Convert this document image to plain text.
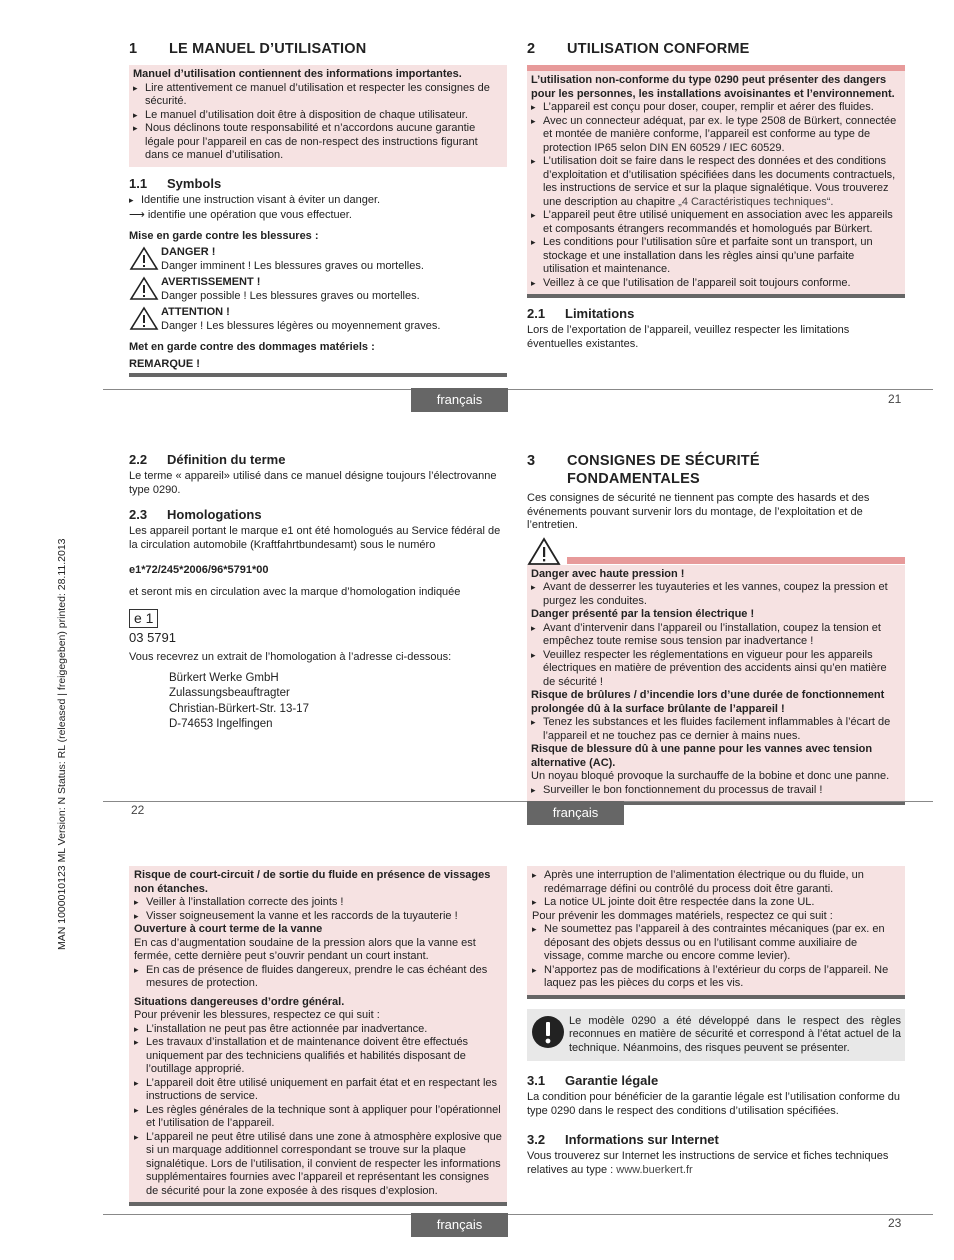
MAN 1000010123 ML Version: N Status: RL (released | freigegeben) printed: 28.11.2013
1 LE MANUEL D’UTILISATION

Manuel d’utilisation contiennent des informations importantes.

▸ Lire attentivement ce manuel d’utilisation et respecter les consignes de sécurité.
▸ Le manuel d’utilisation doit être à disposition de chaque utilisateur.
▸ Nous déclinons toute responsabilité et n’accordons aucune garantie légale pour l’appareil en cas de non-respect des instructions figurant dans ce manuel d’utilisation.
1.1 Symbols
▸ Identifie une instruction visant à éviter un danger.

⟶ identifie une opération que vous effectuer.

Mise en garde contre les blessures :

DANGER !

Danger imminent ! Les blessures graves ou mortelles.

AVERTISSEMENT !

Danger possible ! Les blessures graves ou mortelles.

ATTENTION !

Danger ! Les blessures légères ou moyennement graves.

Met en garde contre des dommages matériels :

REMARQUE !

2 UTILISATION CONFORME

L’utilisation non-conforme du type 0290 peut présenter des dangers pour les personnes, les installations avoisinantes et l’environnement.

▸ L’appareil est conçu pour doser, couper, remplir et aérer des fluides.
▸ Avec un connecteur adéquat, par ex. le type 2508 de Bürkert, connectée et montée de manière conforme, l’appareil est conforme au type de protection IP65 selon DIN EN 60529 / IEC 60529.
▸ L’utilisation doit se faire dans le respect des données et des conditions d’exploitation et d’utilisation spécifiées dans les documents contractuels, les instructions de service et sur la plaque signalétique. Vous trouverez une description au chapitre „4 Caractéristiques techniques“.
▸ L’appareil peut être utilisé uniquement en association avec les appareils et composants étrangers recommandés et homologués par Bürkert.
▸ Les conditions pour l’utilisation sûre et parfaite sont un transport, un stockage et une installation dans les règles ainsi qu’une parfaite utilisation et maintenance.
▸ Veillez à ce que l’utilisation de l’appareil soit toujours conforme.
2.1 Limitations

Lors de l’exportation de l’appareil, veuillez respecter les limitations éventuelles existantes.

français	21
2.2 Définition du terme

Le terme « appareil» utilisé dans ce manuel désigne toujours l’électrovanne type 0290.

2.3 Homologations

Les appareil portant le marque e1 ont été homologués au Service fédéral de la circulation automobile (Kraftfahrtbundesamt) sous le numéro

e1*72/245*2006/96*5791*00

et seront mis en circulation avec la marque d’homologation indiquée

e 1

03 5791

Vous recevrez un extrait de l’homologation à l’adresse ci-dessous:

Bürkert Werke GmbH

Zulassungsbeauftragter

Christian-Bürkert-Str. 13-17

D-74653 Ingelfingen

3 CONSIGNES DE SÉCURITÉ
FONDAMENTALES

Ces consignes de sécurité ne tiennent pas compte des hasards et des événements pouvant survenir lors du montage, de l’exploitation et de l’entretien.

Danger avec haute pression !

▸ Avant de desserrer les tuyauteries et les vannes, coupez la pression et purgez les conduites.

Danger présenté par la tension électrique !

▸ Avant d’intervenir dans l’appareil ou l’installation, coupez la tension et empêchez toute remise sous tension par inadvertance !
▸ Veuillez respecter les réglementations en vigueur pour les appareils électriques en matière de prévention des accidents ainsi qu’en matière de sécurité !

Risque de brûlures / d’incendie lors d’une durée de fonctionnement prolongée dû à la surface brûlante de l’appareil !

▸ Tenez les substances et les fluides facilement inflammables à l’écart de l’appareil et ne touchez pas ce dernier à mains nues.

Risque de blessure dû à une panne pour les vannes avec tension alternative (AC).

Un noyau bloqué provoque la surchauffe de la bobine et donc une panne.

▸ Surveiller le bon fonctionnement du processus de travail !
22	français

Risque de court-circuit / de sortie du fluide en présence de vissages non étanches.

▸ Veiller à l’installation correcte des joints !
▸ Visser soigneusement la vanne et les raccords de la tuyauterie !

Ouverture à court terme de la vanne

En cas d’augmentation soudaine de la pression alors que la vanne est fermée, cette dernière peut s’ouvrir pendant un court instant.

▸ En cas de présence de fluides dangereux, prendre le cas échéant des mesures de protection.

Situations dangereuses d’ordre général.

Pour prévenir les blessures, respectez ce qui suit :

▸ L’installation ne peut pas être actionnée par inadvertance.
▸ Les travaux d’installation et de maintenance doivent être effectués uniquement par des techniciens qualifiés et habilités disposant de l’outillage approprié.
▸ L’appareil doit être utilisé uniquement en parfait état et en respectant les instructions de service.
▸ Les règles générales de la technique sont à appliquer pour l’opérationnel et l’utilisation de l’appareil.
▸ L’appareil ne peut être utilisé dans une zone à atmosphère explosive que si un marquage additionnel correspondant se trouve sur la plaque signalétique. Lors de l’utilisation, il convient de respecter les informations supplémentaires fournies avec l’appareil et représentant les consignes de sécurité pour la zone exposée à des risques d’explosion.
▸ Après une interruption de l’alimentation électrique ou du fluide, un redémarrage défini ou contrôlé du process doit être garanti.
▸ La notice UL jointe doit être respectée dans la zone UL.

Pour prévenir les dommages matériels, respectez ce qui suit :

▸ Ne soumettez pas l’appareil à des contraintes mécaniques (par ex. en déposant des objets dessus ou en l’utilisant comme auxiliaire de vissage, comme marche ou encore comme levier).
▸ N’apportez pas de modifications à l’extérieur du corps de l’appareil. Ne laquez pas les pièces du corps et les vis.

Le modèle 0290 a été développé dans le respect des règles reconnues en matière de sécurité et correspond à l’état actuel de la technique. Néanmoins, des risques peuvent se présenter.

3.1 Garantie légale

La condition pour bénéficier de la garantie légale est l’utilisation conforme du type 0290 dans le respect des conditions d’utilisation spécifiées.

3.2 Informations sur Internet

Vous trouverez sur Internet les instructions de service et fiches techniques relatives au type : www.buerkert.fr

français	23
